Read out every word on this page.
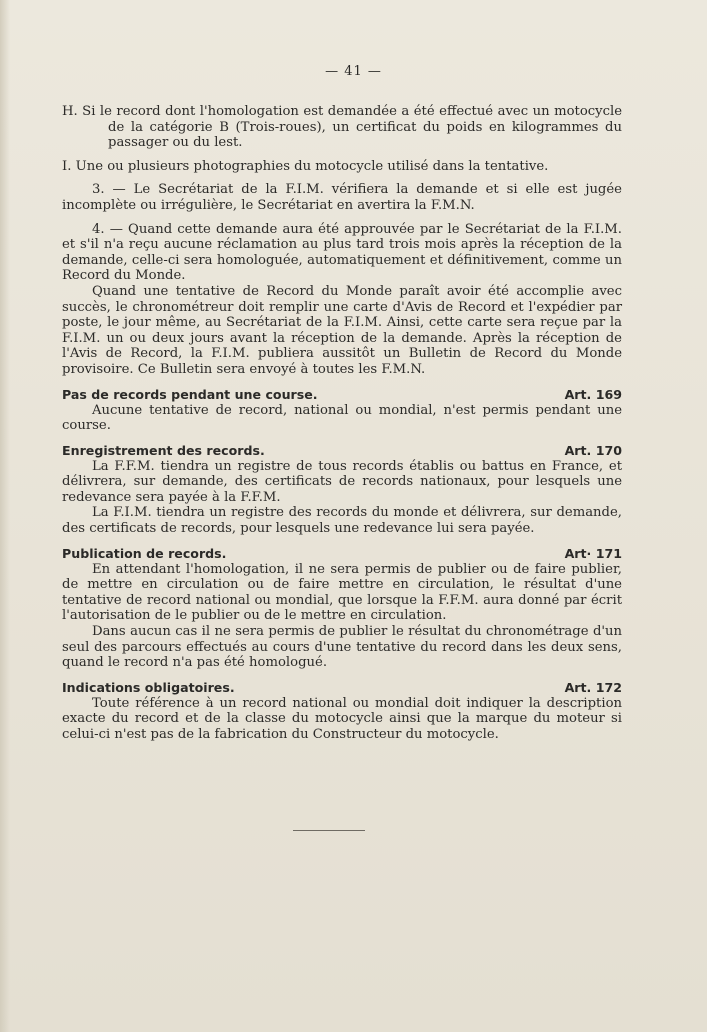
— 41 —

H. Si le record dont l'homologation est demandée a été effectué avec un motocycle de la catégorie B (Trois-roues), un certificat du poids en kilogrammes du passager ou du lest.

I. Une ou plusieurs photographies du motocycle utilisé dans la tentative.

3. — Le Secrétariat de la F.I.M. vérifiera la demande et si elle est jugée incomplète ou irrégulière, le Secrétariat en avertira la F.M.N.

4. — Quand cette demande aura été approuvée par le Secrétariat de la F.I.M. et s'il n'a reçu aucune réclamation au plus tard trois mois après la réception de la demande, celle-ci sera homologuée, automatiquement et définitivement, comme un Record du Monde.

Quand une tentative de Record du Monde paraît avoir été accomplie avec succès, le chronométreur doit remplir une carte d'Avis de Record et l'expédier par poste, le jour même, au Secrétariat de la F.I.M. Ainsi, cette carte sera reçue par la F.I.M. un ou deux jours avant la réception de la demande. Après la réception de l'Avis de Record, la F.I.M. publiera aussitôt un Bulletin de Record du Monde provisoire. Ce Bulletin sera envoyé à toutes les F.M.N.

Pas de records pendant une course.	Art. 169

Aucune tentative de record, national ou mondial, n'est permis pendant une course.

Enregistrement des records.	Art. 170

La F.F.M. tiendra un registre de tous records établis ou battus en France, et délivrera, sur demande, des certificats de records nationaux, pour lesquels une redevance sera payée à la F.F.M.

La F.I.M. tiendra un registre des records du monde et délivrera, sur demande, des certificats de records, pour lesquels une redevance lui sera payée.

Publication de records.	Art· 171

En attendant l'homologation, il ne sera permis de publier ou de faire publier, de mettre en circulation ou de faire mettre en circulation, le résultat d'une tentative de record national ou mondial, que lorsque la F.F.M. aura donné par écrit l'autorisation de le publier ou de le mettre en circulation.

Dans aucun cas il ne sera permis de publier le résultat du chronométrage d'un seul des parcours effectués au cours d'une tentative du record dans les deux sens, quand le record n'a pas été homologué.

Indications obligatoires.	Art. 172

Toute référence à un record national ou mondial doit indiquer la description exacte du record et de la classe du motocycle ainsi que la marque du moteur si celui-ci n'est pas de la fabrication du Constructeur du motocycle.
